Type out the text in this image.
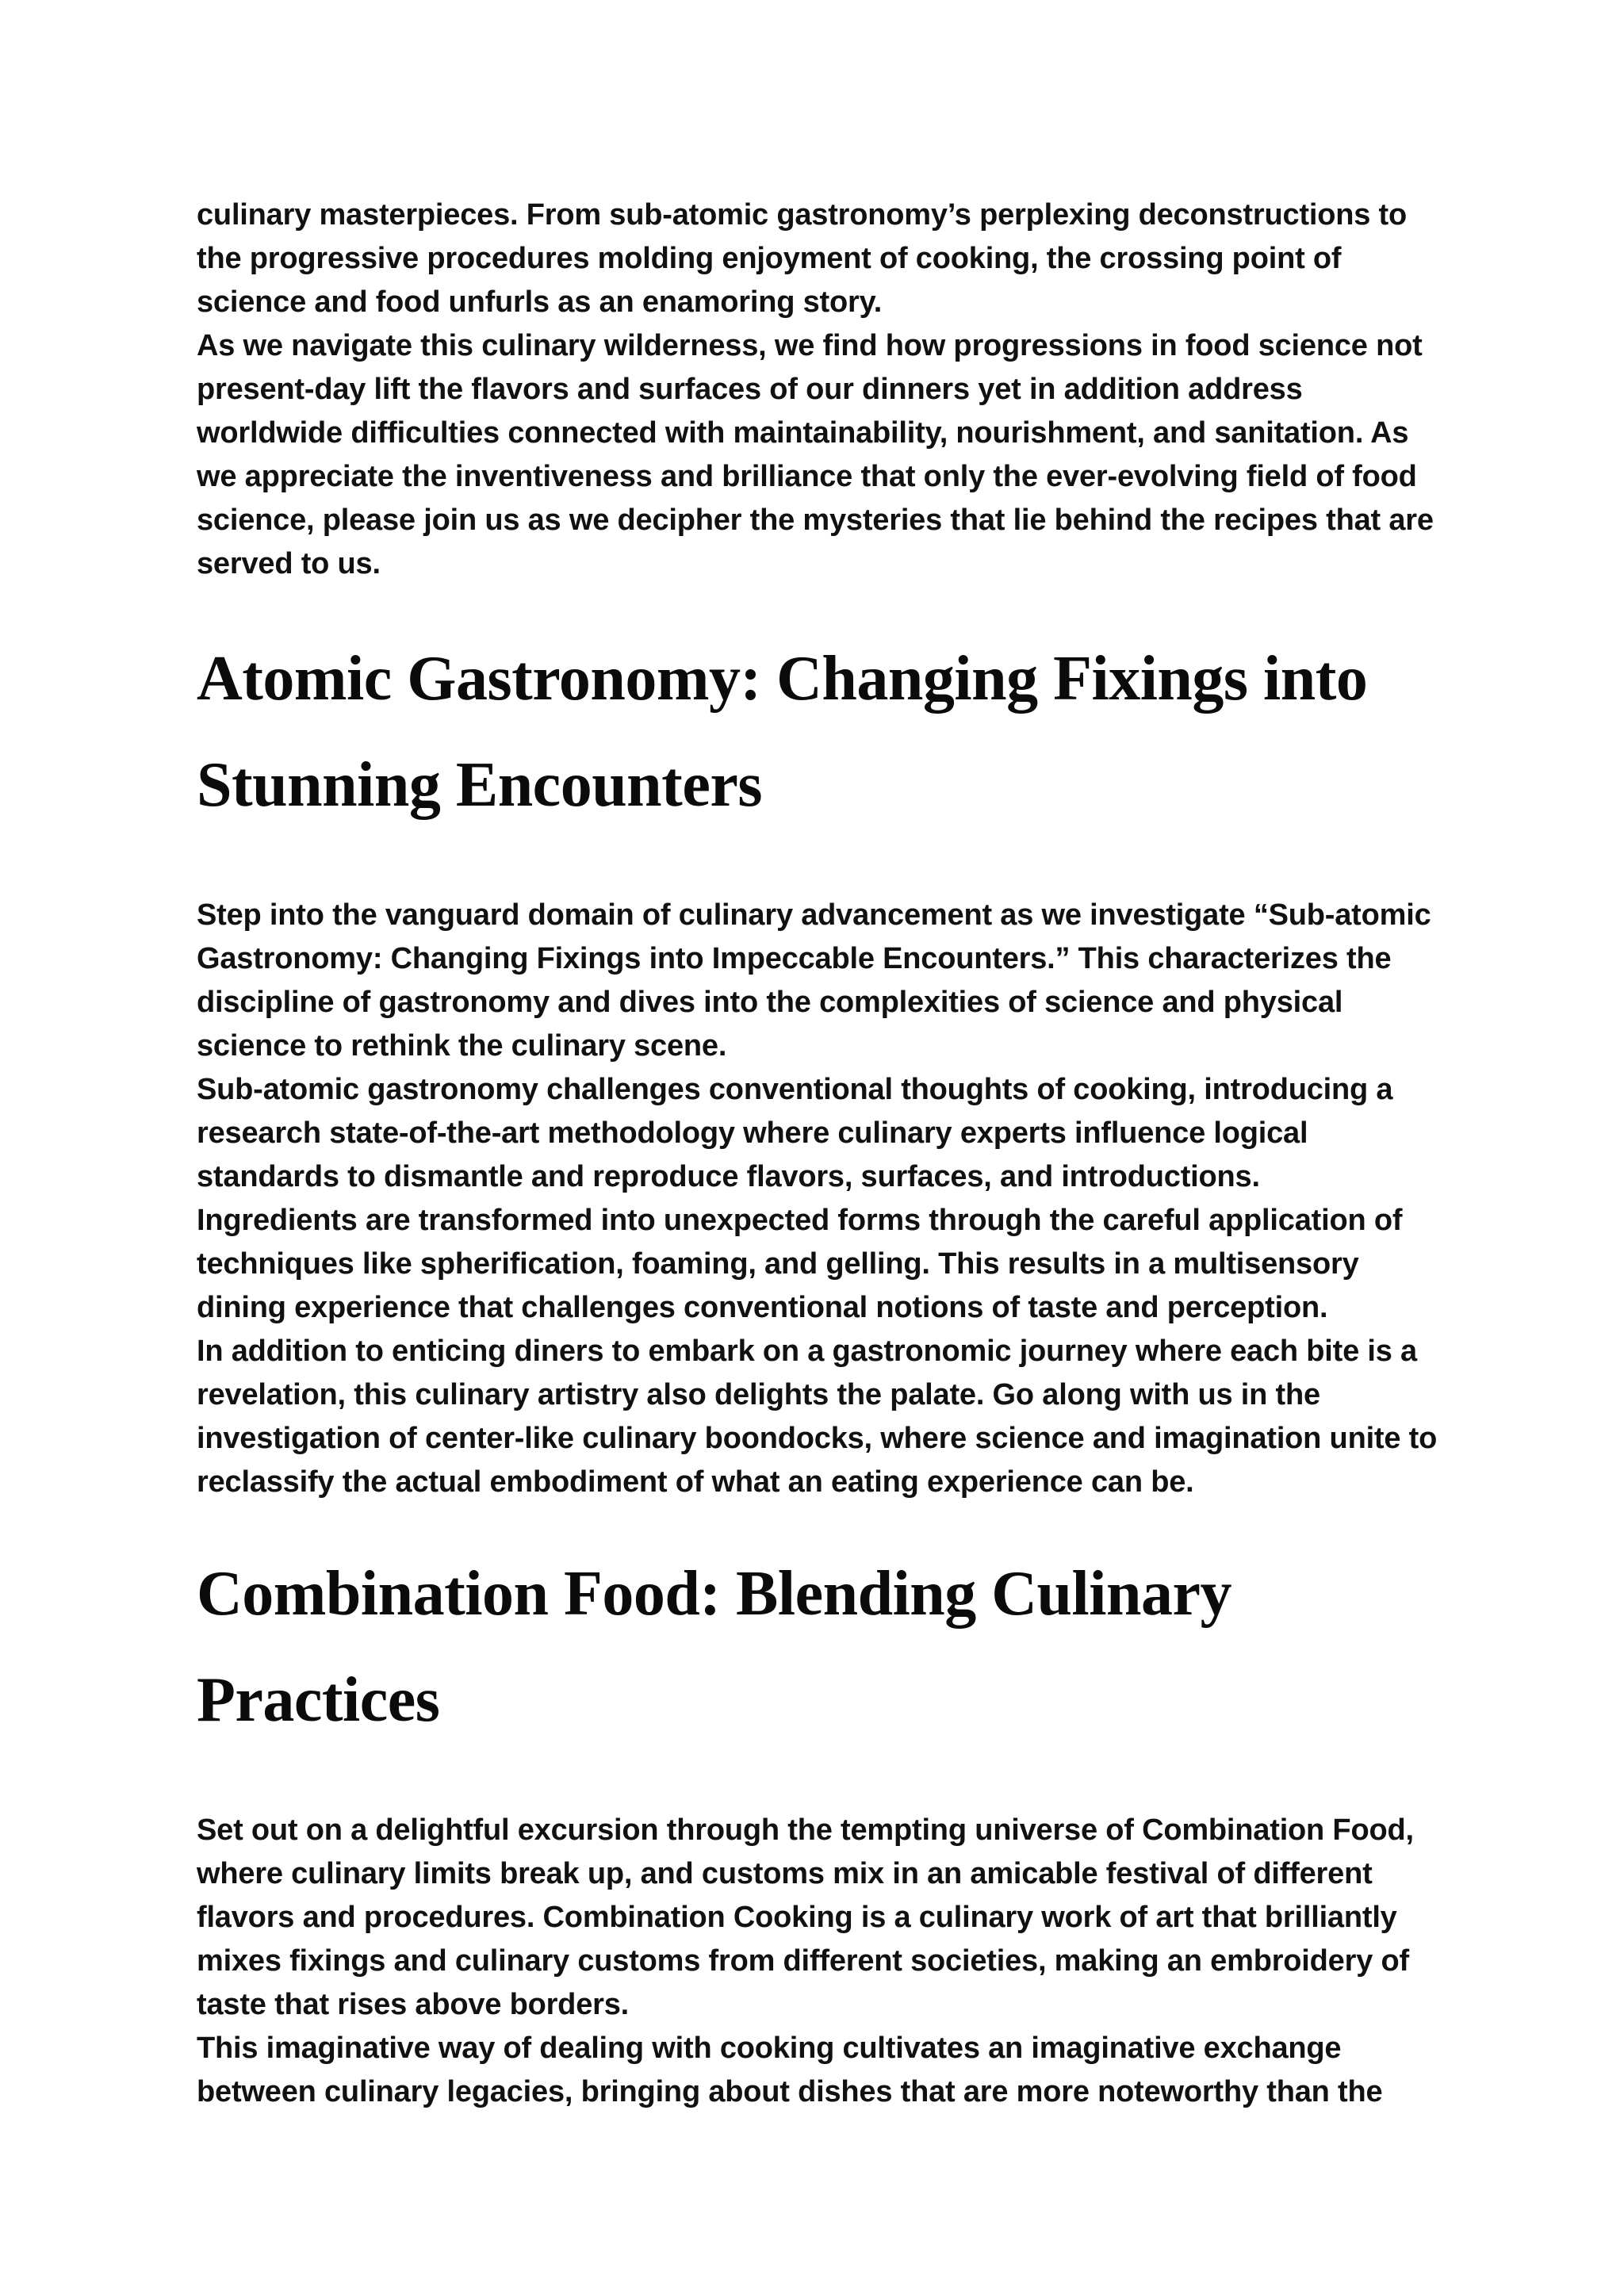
culinary masterpieces. From sub-atomic gastronomy’s perplexing deconstructions to the progressive procedures molding enjoyment of cooking, the crossing point of science and food unfurls as an enamoring story.

As we navigate this culinary wilderness, we find how progressions in food science not present-day lift the flavors and surfaces of our dinners yet in addition address worldwide difficulties connected with maintainability, nourishment, and sanitation. As we appreciate the inventiveness and brilliance that only the ever-evolving field of food science, please join us as we decipher the mysteries that lie behind the recipes that are served to us.

Atomic Gastronomy: Changing Fixings into Stunning Encounters

Step into the vanguard domain of culinary advancement as we investigate “Sub-atomic Gastronomy: Changing Fixings into Impeccable Encounters.” This characterizes the discipline of gastronomy and dives into the complexities of science and physical science to rethink the culinary scene.

Sub-atomic gastronomy challenges conventional thoughts of cooking, introducing a research state-of-the-art methodology where culinary experts influence logical standards to dismantle and reproduce flavors, surfaces, and introductions.

Ingredients are transformed into unexpected forms through the careful application of techniques like spherification, foaming, and gelling. This results in a multisensory dining experience that challenges conventional notions of taste and perception.

In addition to enticing diners to embark on a gastronomic journey where each bite is a revelation, this culinary artistry also delights the palate. Go along with us in the investigation of center-like culinary boondocks, where science and imagination unite to reclassify the actual embodiment of what an eating experience can be.

Combination Food: Blending Culinary Practices

Set out on a delightful excursion through the tempting universe of Combination Food, where culinary limits break up, and customs mix in an amicable festival of different flavors and procedures. Combination Cooking is a culinary work of art that brilliantly mixes fixings and culinary customs from different societies, making an embroidery of taste that rises above borders.

This imaginative way of dealing with cooking cultivates an imaginative exchange between culinary legacies, bringing about dishes that are more noteworthy than the
